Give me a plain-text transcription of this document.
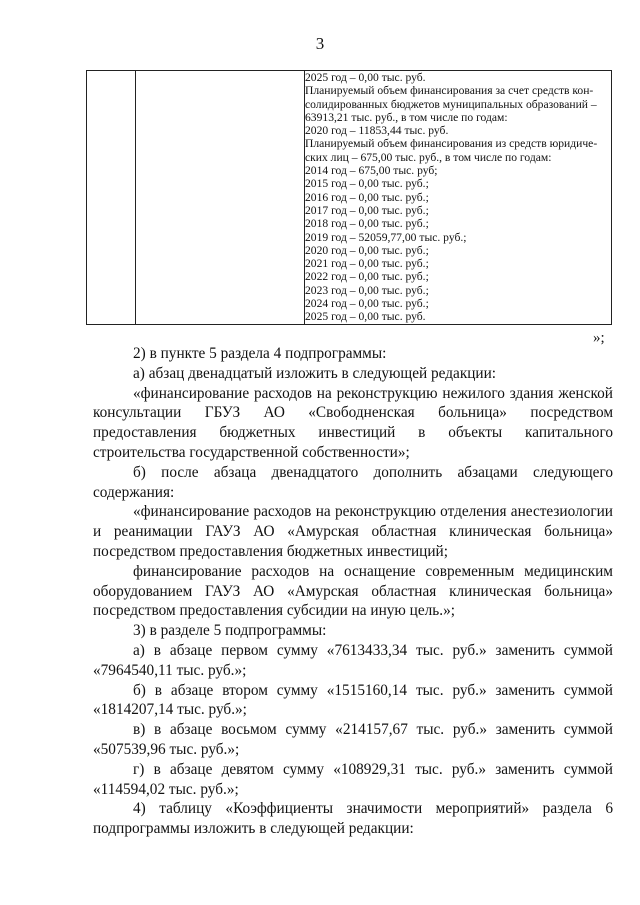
3

2025 год – 0,00 тыс. руб.
Планируемый объем финансирования за счет средств кон-
солидированных бюджетов муниципальных образований –
63913,21 тыс. руб., в том числе по годам:
2020 год – 11853,44 тыс. руб.
Планируемый объем финансирования из средств юридиче-
ских лиц – 675,00 тыс. руб., в том числе по годам:
2014 год – 675,00 тыс. руб;
2015 год – 0,00 тыс. руб.;
2016 год – 0,00 тыс. руб.;
2017 год – 0,00 тыс. руб.;
2018 год – 0,00 тыс. руб.;
2019 год – 52059,77,00 тыс. руб.;
2020 год – 0,00 тыс. руб.;
2021 год – 0,00 тыс. руб.;
2022 год – 0,00 тыс. руб.;
2023 год – 0,00 тыс. руб.;
2024 год – 0,00 тыс. руб.;
2025 год – 0,00 тыс. руб.
»;

2) в пункте 5 раздела 4 подпрограммы:

а) абзац двенадцатый изложить в следующей редакции:

«финансирование расходов на реконструкцию нежилого здания женской консультации ГБУЗ АО «Свободненская больница» посредством предоставления бюджетных инвестиций в объекты капитального строительства государственной собственности»;

б) после абзаца двенадцатого дополнить абзацами следующего содержания:

«финансирование расходов на реконструкцию отделения анестезиологии и реанимации ГАУЗ АО «Амурская областная клиническая больница» посредством предоставления бюджетных инвестиций;

финансирование расходов на оснащение современным медицинским оборудованием ГАУЗ АО «Амурская областная клиническая больница» посредством предоставления субсидии на иную цель.»;

3) в разделе 5 подпрограммы:

а) в абзаце первом сумму «7613433,34 тыс. руб.» заменить суммой «7964540,11 тыс. руб.»;

б) в абзаце втором сумму «1515160,14 тыс. руб.» заменить суммой «1814207,14 тыс. руб.»;

в) в абзаце восьмом сумму «214157,67 тыс. руб.» заменить суммой «507539,96 тыс. руб.»;

г) в абзаце девятом сумму «108929,31 тыс. руб.» заменить суммой «114594,02 тыс. руб.»;

4) таблицу «Коэффициенты значимости мероприятий» раздела 6 подпрограммы изложить в следующей редакции:
